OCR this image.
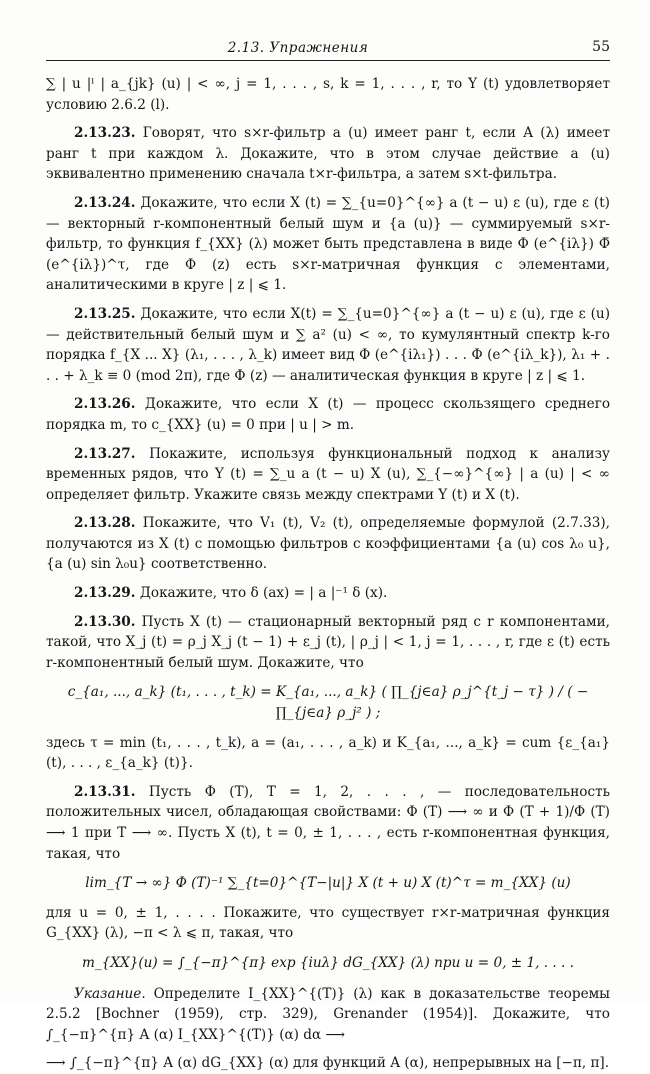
2.13. Упражнения	55

∑ | u |ˡ | a_{jk} (u) | < ∞, j = 1, . . . , s, k = 1, . . . , r, то Y (t) удовлетворяет условию 2.6.2 (l).

2.13.23. Говорят, что s×r-фильтр a (u) имеет ранг t, если A (λ) имеет ранг t при каждом λ. Докажите, что в этом случае действие a (u) эквивалентно применению сначала t×r-фильтра, а затем s×t-фильтра.

2.13.24. Докажите, что если X (t) = ∑_{u=0}^{∞} a (t − u) ε (u), где ε (t) — векторный r-компонентный белый шум и {a (u)} — суммируемый s×r-фильтр, то функция f_{XX} (λ) может быть представлена в виде Φ (e^{iλ}) Φ̄ (e^{iλ})^τ, где Φ (z) есть s×r-матричная функция с элементами, аналитическими в круге | z | ⩽ 1.

2.13.25. Докажите, что если X(t) = ∑_{u=0}^{∞} a (t − u) ε (u), где ε (u) — действительный белый шум и ∑ a² (u) < ∞, то кумулянтный спектр k-го порядка f_{X ... X} (λ₁, . . . , λ_k) имеет вид Φ (e^{iλ₁}) . . . Φ (e^{iλ_k}), λ₁ + . . . + λ_k ≡ 0 (mod 2π), где Φ (z) — аналитическая функция в круге | z | ⩽ 1.

2.13.26. Докажите, что если X (t) — процесс скользящего среднего порядка m, то c_{XX} (u) = 0 при | u | > m.

2.13.27. Покажите, используя функциональный подход к анализу временных рядов, что Y (t) = ∑_u a (t − u) X (u), ∑_{−∞}^{∞} | a (u) | < ∞ определяет фильтр. Укажите связь между спектрами Y (t) и X (t).

2.13.28. Покажите, что V₁ (t), V₂ (t), определяемые формулой (2.7.33), получаются из X (t) с помощью фильтров с коэффициентами {a (u) cos λ₀ u}, {a (u) sin λ₀u} соответственно.

2.13.29. Докажите, что δ (ax) = | a |⁻¹ δ (x).

2.13.30. Пусть X (t) — стационарный векторный ряд с r компонентами, такой, что X_j (t) = ρ_j X_j (t − 1) + ε_j (t), | ρ_j | < 1, j = 1, . . . , r, где ε (t) есть r-компонентный белый шум. Докажите, что

c_{a₁, ..., a_k} (t₁, . . . , t_k) = K_{a₁, ..., a_k} ( ∏_{j∈a} ρ_j^{t_j − τ} ) / ( − ∏_{j∈a} ρ_j² ) ;

здесь τ = min (t₁, . . . , t_k), a = (a₁, . . . , a_k) и K_{a₁, ..., a_k} = cum {ε_{a₁} (t), . . . , ε_{a_k} (t)}.

2.13.31. Пусть Φ (T), T = 1, 2, . . . , — последовательность положительных чисел, обладающая свойствами: Φ (T) ⟶ ∞ и Φ (T + 1)/Φ (T) ⟶ 1 при T ⟶ ∞. Пусть X (t), t = 0, ± 1, . . . , есть r-компонентная функция, такая, что

lim_{T → ∞} Φ (T)⁻¹ ∑_{t=0}^{T−|u|} X (t + u) X (t)^τ = m_{XX} (u)

для u = 0, ± 1, . . . . Покажите, что существует r×r-матричная функция G_{XX} (λ), −π < λ ⩽ π, такая, что

m_{XX}(u) = ∫_{−π}^{π} exp {iuλ} dG_{XX} (λ) при u = 0, ± 1, . . . .

Указание. Определите I_{XX}^{(T)} (λ) как в доказательстве теоремы 2.5.2 [Bochner (1959), стр. 329), Grenander (1954)]. Докажите, что ∫_{−π}^{π} A (α) I_{XX}^{(T)} (α) dα ⟶

⟶ ∫_{−π}^{π} A (α) dG_{XX} (α) для функций A (α), непрерывных на [−π, π].
